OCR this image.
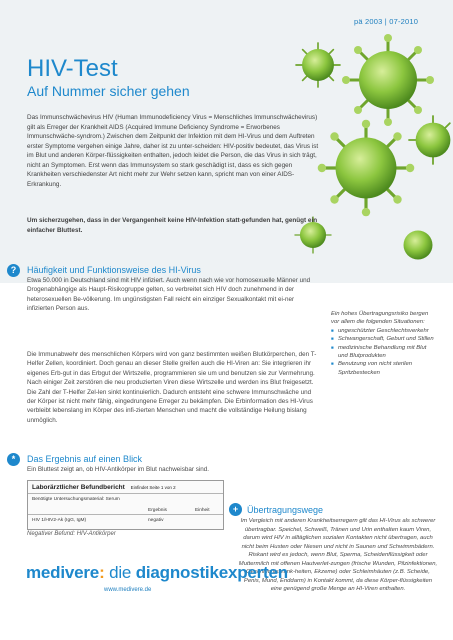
pä 2003 | 07-2010
HIV-Test
Auf Nummer sicher gehen

Das Immunschwächevirus HIV (Human Immunodeficiency Virus = Menschliches Immunschwächevirus) gilt als Erreger der Krankheit AIDS (Acquired Immune Deficiency Syndrome = Erworbenes Immunschwäche-syndrom.) Zwischen dem Zeitpunkt der Infektion mit dem HI-Virus und dem Auftreten erster Symptome vergehen einige Jahre, daher ist zu unter-scheiden: HIV-positiv bedeutet, das Virus ist im Blut und anderen Körper-flüssigkeiten enthalten, jedoch leidet die Person, die das Virus in sich trägt, nicht an Symptomen. Erst wenn das Immunsystem so stark geschädigt ist, dass es sich gegen Krankheiten verschiedenster Art nicht mehr zur Wehr setzen kann, spricht man von einer AIDS-Erkrankung.

Um sicherzugehen, dass in der Vergangenheit keine HIV-Infektion statt-gefunden hat, genügt ein einfacher Bluttest.

?	Häufigkeit und Funktionsweise des HI-Virus

Etwa 50.000 in Deutschland sind mit HIV infiziert. Auch wenn nach wie vor homosexuelle Männer und Drogenabhängige als Haupt-Risikogruppe gelten, so verbreitet sich HIV doch zunehmend in der heterosexuellen Be-völkerung. Im ungünstigsten Fall reicht ein einziger Sexualkontakt mit ei-ner infizierten Person aus.

Die Immunabwehr des menschlichen Körpers wird von ganz bestimmten weißen Blutkörperchen, den T-Helfer Zellen, koordiniert. Doch genau an dieser Stelle greifen auch die HI-Viren an: Sie integrieren ihr eigenes Erb-gut in das Erbgut der Wirtszelle, programmieren sie um und benutzen sie zur Vermehrung. Nach einiger Zeit zerstören die neu produzierten Viren diese Wirtszelle und werden ins Blut freigesetzt. Die Zahl der T-Helfer Zel-len sinkt kontinuierlich. Dadurch entsteht eine schwere Immunschwäche und der Körper ist nicht mehr fähig, eingedrungene Erreger zu bekämpfen. Die Erbinformation des HI-Virus verbleibt lebenslang im Körper des infi-zierten Menschen und macht die vollständige Heilung bislang unmöglich.

Ein hohes Übertragungsrisiko bergen vor allem die folgenden Situationen:
■ ungeschützter Geschlechtsverkehr
■ Schwangerschaft, Geburt und Stillen
■ medizinische Behandlung mit Blut und Blutprodukten
■ Benutzung von nicht sterilen Spritzbestecken
*	Das Ergebnis auf einen Blick

Ein Bluttest zeigt an, ob HIV-Antikörper im Blut nachweisbar sind.

Laborärztlicher Befundbericht Einfindet Seite 1 von 2
Benötigte Untersuchungsmaterial: Serum
Ergebnis	Einheit
HIV 1/HIV2-Ak (IgG, IgM)	negativ
Negativer Befund: HIV-Antikörper
+ Übertragungswege

Im Vergleich mit anderen Krankheitserregern gilt das HI-Virus als schwerer übertragbar. Speichel, Schweiß, Tränen und Urin enthalten kaum Viren, darum wird HIV in alltäglichen sozialen Kontakten nicht übertragen, auch nicht beim Husten oder Niesen und nicht in Saunen und Schwimmbädern. Riskant wird es jedoch, wenn Blut, Sperma, Scheidenflüssigkeit oder Muttermilch mit offenen Hautverlet-zungen (frische Wunden, Pilzinfektionen, Geschlechtskrank-heiten, Ekzeme) oder Schleimhäuten (z.B. Scheide, Penis, Mund, Enddarm) in Kontakt kommt, da diese Körper-flüssigkeiten eine genügend große Menge an HI-Viren enthalten.

medivere: die diagnostikexperten
www.medivere.de
